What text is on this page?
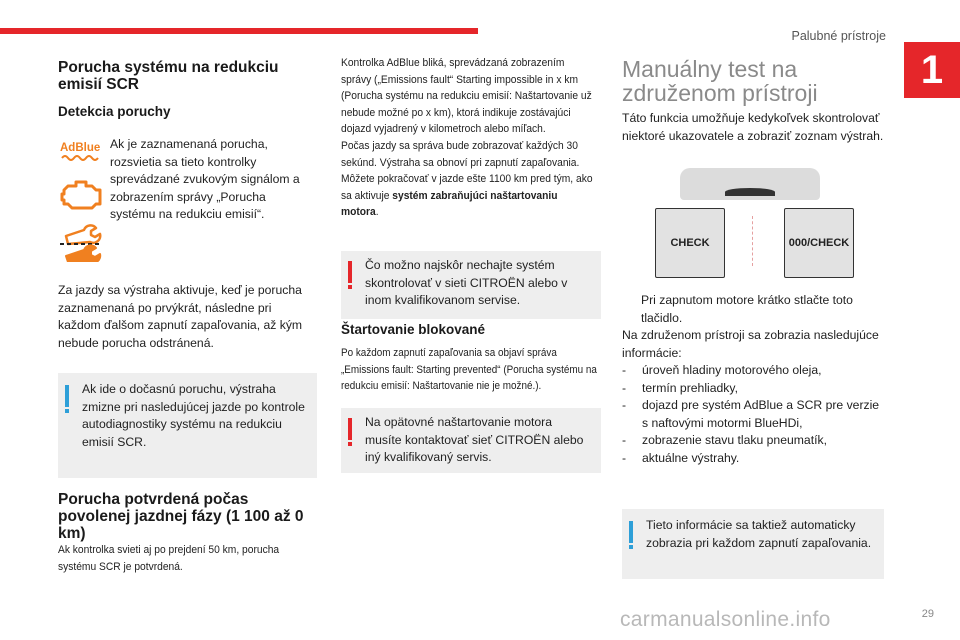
Palubné prístroje
1
Porucha systému na redukciu emisií SCR
Detekcia poruchy
AdBlue Ak je zaznamenaná porucha, rozsvietia sa tieto kontrolky sprevádzané zvukovým signálom a zobrazením správy „Porucha systému na redukciu emisií“.
Za jazdy sa výstraha aktivuje, keď je porucha zaznamenaná po prvýkrát, následne pri každom ďalšom zapnutí zapaľovania, až kým nebude porucha odstránená.
Ak ide o dočasnú poruchu, výstraha zmizne pri nasledujúcej jazde po kontrole autodiagnostiky systému na redukciu emisií SCR.
Porucha potvrdená počas povolenej jazdnej fázy (1 100 až 0 km)
Ak kontrolka svieti aj po prejdení 50 km, porucha systému SCR je potvrdená.
Kontrolka AdBlue bliká, sprevádzaná zobrazením správy („Emissions fault“ Starting impossible in x km (Porucha systému na redukciu emisií: Naštartovanie už nebude možné po x km), ktorá indikuje zostávajúci dojazd vyjadrený v kilometroch alebo míľach.
Počas jazdy sa správa bude zobrazovať každých 30 sekúnd. Výstraha sa obnoví pri zapnutí zapaľovania.
Môžete pokračovať v jazde ešte 1100 km pred tým, ako sa aktivuje systém zabraňujúci naštartovaniu motora.
Čo možno najskôr nechajte systém skontrolovať v sieti CITROËN alebo v inom kvalifikovanom servise.
Štartovanie blokované
Po každom zapnutí zapaľovania sa objaví správa „Emissions fault: Starting prevented“ (Porucha systému na redukciu emisií: Naštartovanie nie je možné.).
Na opätovné naštartovanie motora musíte kontaktovať sieť CITROËN alebo iný kvalifikovaný servis.
Manuálny test na
združenom prístroji
Táto funkcia umožňuje kedykoľvek skontrolovať niektoré ukazovatele a zobraziť zoznam výstrah.
CHECK	000/CHECK
Pri zapnutom motore krátko stlačte toto tlačidlo.
Na združenom prístroji sa zobrazia nasledujúce informácie:
-	úroveň hladiny motorového oleja,
-	termín prehliadky,
-	dojazd pre systém AdBlue a SCR pre verzie s naftovými motormi BlueHDi,
-	zobrazenie stavu tlaku pneumatík,
-	aktuálne výstrahy.
Tieto informácie sa taktiež automaticky zobrazia pri každom zapnutí zapaľovania.
carmanualsonline.info	29
